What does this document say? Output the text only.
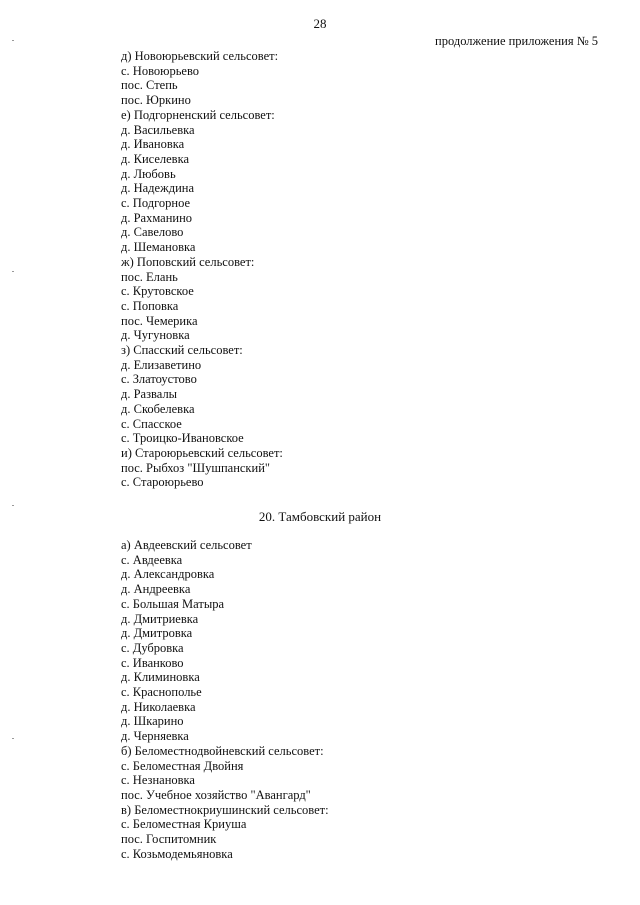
28
продолжение приложения № 5
д) Новоюрьевский сельсовет:
с. Новоюрьево
пос. Степь
пос. Юркино
е) Подгорненский сельсовет:
д. Васильевка
д. Ивановка
д. Киселевка
д. Любовь
д. Надеждина
с. Подгорное
д. Рахманино
д. Савелово
д. Шемановка
ж) Поповский сельсовет:
пос. Елань
с. Крутовское
с. Поповка
пос. Чемерика
д. Чугуновка
з) Спасский сельсовет:
д. Елизаветино
с. Златоустово
д. Развалы
д. Скобелевка
с. Спасское
с. Троицко-Ивановское
и) Староюрьевский сельсовет:
пос. Рыбхоз "Шушпанский"
с. Староюрьево
20. Тамбовский район
а) Авдеевский сельсовет
с. Авдеевка
д. Александровка
д. Андреевка
с. Большая Матыра
д. Дмитриевка
д. Дмитровка
с. Дубровка
с. Иванково
д. Климиновка
с. Краснополье
д. Николаевка
д. Шкарино
д. Черняевка
б) Беломестнодвойневский сельсовет:
с. Беломестная Двойня
с. Незнановка
пос. Учебное хозяйство "Авангард"
в) Беломестнокриушинский сельсовет:
с. Беломестная Криуша
пос. Госпитомник
с. Козьмодемьяновка
